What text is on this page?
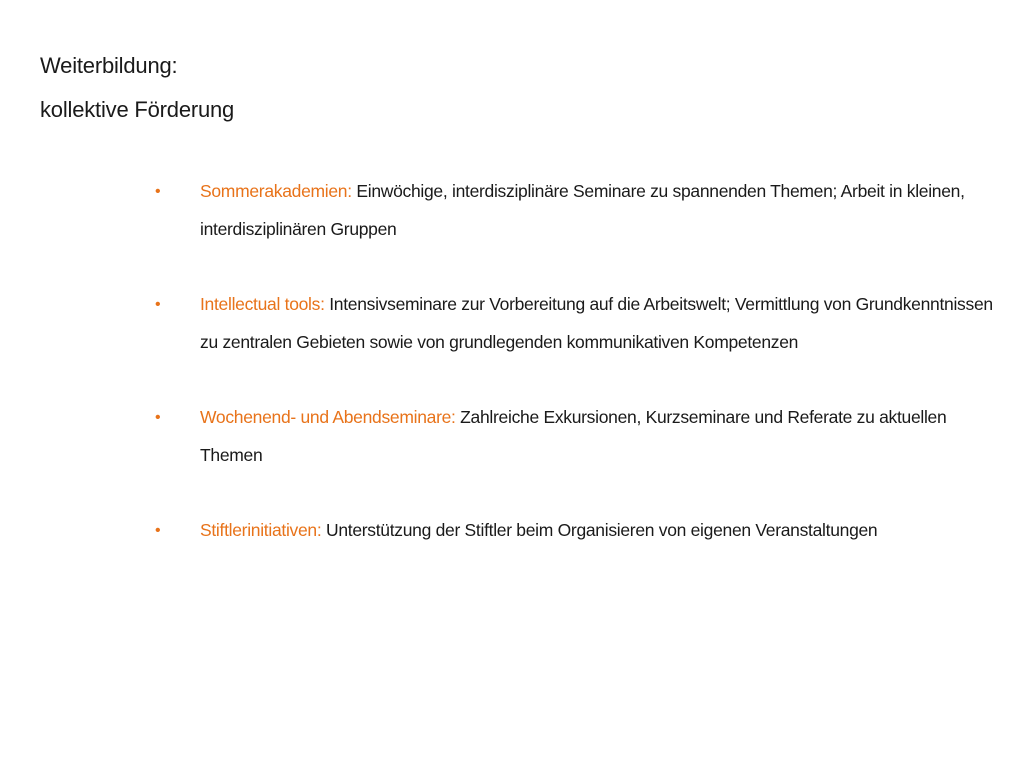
Weiterbildung:
kollektive Förderung
• Sommerakademien: Einwöchige, interdisziplinäre Seminare zu spannenden Themen; Arbeit in kleinen, interdisziplinären Gruppen
• Intellectual tools: Intensivseminare zur Vorbereitung auf die Arbeitswelt; Vermittlung von Grundkenntnissen zu zentralen Gebieten sowie von grundlegenden kommunikativen Kompetenzen
• Wochenend- und Abendseminare: Zahlreiche Exkursionen, Kurzseminare und Referate zu aktuellen Themen
• Stiftlerinitiativen: Unterstützung der Stiftler beim Organisieren von eigenen Veranstaltungen
